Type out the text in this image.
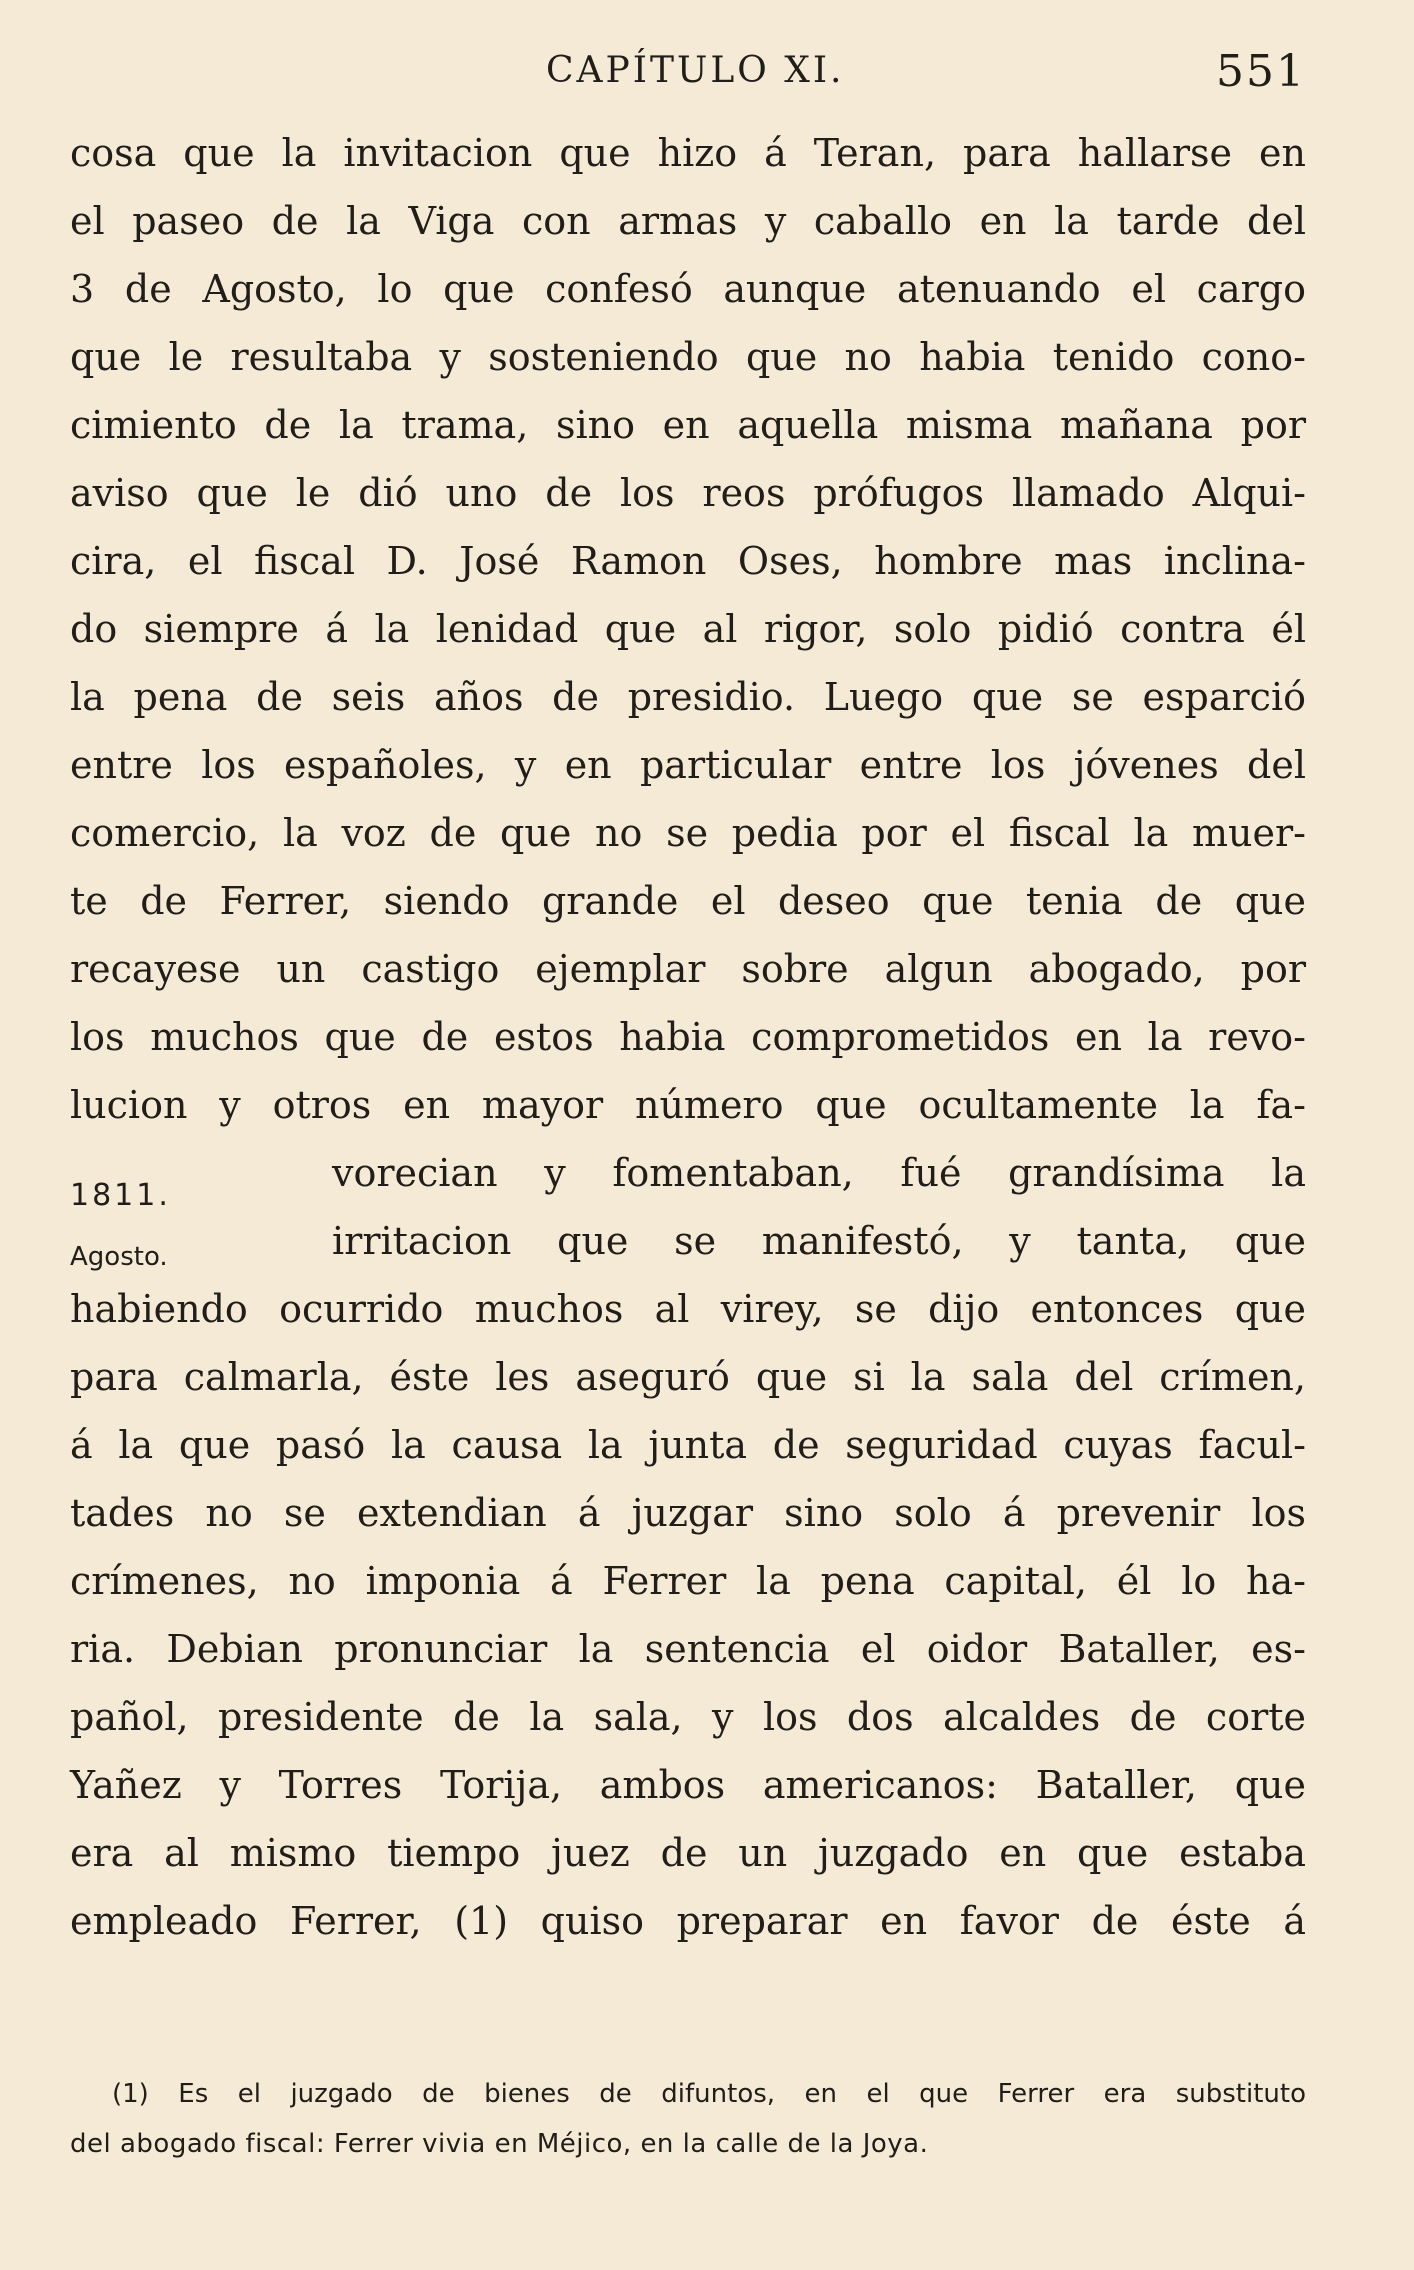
CAPÍTULO XI.	551
cosa que la invitacion que hizo á Teran, para hallarse en
el paseo de la Viga con armas y caballo en la tarde del
3 de Agosto, lo que confesó aunque atenuando el cargo
que le resultaba y sosteniendo que no habia tenido cono-
cimiento de la trama, sino en aquella misma mañana por
aviso que le dió uno de los reos prófugos llamado Alqui-
cira, el fiscal D. José Ramon Oses, hombre mas inclina-
do siempre á la lenidad que al rigor, solo pidió contra él
la pena de seis años de presidio. Luego que se esparció
entre los españoles, y en particular entre los jóvenes del
comercio, la voz de que no se pedia por el fiscal la muer-
te de Ferrer, siendo grande el deseo que tenia de que
recayese un castigo ejemplar sobre algun abogado, por
los muchos que de estos habia comprometidos en la revo-
lucion y otros en mayor número que ocultamente la fa-
vorecian y fomentaban, fué grandísima la
irritacion que se manifestó, y tanta, que
habiendo ocurrido muchos al virey, se dijo entonces que
para calmarla, éste les aseguró que si la sala del crímen,
á la que pasó la causa la junta de seguridad cuyas facul-
tades no se extendian á juzgar sino solo á prevenir los
crímenes, no imponia á Ferrer la pena capital, él lo ha-
ria. Debian pronunciar la sentencia el oidor Bataller, es-
pañol, presidente de la sala, y los dos alcaldes de corte
Yañez y Torres Torija, ambos americanos: Bataller, que
era al mismo tiempo juez de un juzgado en que estaba
empleado Ferrer, (1) quiso preparar en favor de éste á
1811.
Agosto.
(1) Es el juzgado de bienes de difuntos, en el que Ferrer era substituto
del abogado fiscal: Ferrer vivia en Méjico, en la calle de la Joya.
